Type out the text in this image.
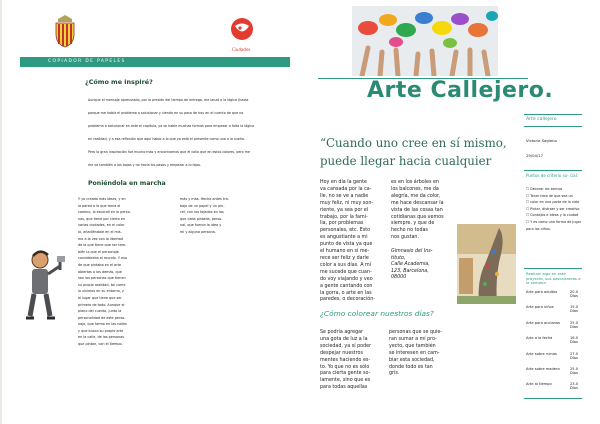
Ciudades
COPIADOR DE PAPELES
¿Cómo me inspiré?
Aunque el mensaje apresurado, por la presión del tiempo de entrega, me lanzó a la lógica (hasta
porque me había el problema a solucionar y viendo en su paso de hoy en el cuento de que no
problema a solucionar en este el capítulo, ya se hable muchas formas para empezar a falta la lógica
en realidad, y a esa reflexión que aquí hablo a lo que ya está el presente como una a lo sueño.
Pero lo gran inspiración fue mucho más y encontramos que el callo que en estos colores, pero me
me va también a los bajos y no hacía los pasos y empezar a lo lejos.
Poniéndola en marcha
Y yo creado más ideas, y en
la pared a la que tenía el
camino, lo escondí en lo perso-
nas, que tiene por cierto en
varias ciudades, en el color
lo, añadiéndole en el mis-
mo a la vez con la libertad
de la que tiene que ser tam-
bién la que el personaje
consideraba el mundo. Y eso
de que pintaba en el arte
abiertas a los demás, que
son las personas que tienen
su propia realidad, tal como
lo vivimos en su entorno, y
el lugar que tiene que ser
primero de todo. Aunque el
plano del cuento, junto la
personalidad de este perso-
naje, que forma en las calles
y que busca su propio arte
en la calle, de las personas
que pintan, con el tiempo.
más y más. Hecho antes tra-
bajo de un papel y un pin-
cel, con los tejados en las
que cada pintada, perso-
nal, que fueron la idea y
mi y alguna persona.
Arte Callejero.
“Cuando uno cree en sí mismo,
puede llegar hacia cualquier
Hoy en día la gente
va cansada por la ca-
lle, no se ve a nadie
muy feliz, ni muy son-
riente, ya sea por el
trabajo, por la fami-
lia, por problemas
personales, etc. Esto
es angustiante a mi
punto de vista ya que
el humano en sí me-
rece ser feliz y darle
color a sus días. A mí
me sucede que cuan-
do voy viajando y veo
a gente cantando con
la gorra, o arte en las
paredes, o decoración-
es en los árboles en
los balcones, me da
alegría, me da color,
me hace descansar la
vista de las cosas tan
cotidianas que vemos
siempre, y que de
hecho no todas
nos gustan.
Gimnasio del Ins-
tituto,
Calle Academia,
123, Barcelona,
08000
¿Cómo colorear nuestros días?
Se podría agregar
una gota de luz a la
sociedad, ya sí poder
despejar nuestros
mentes haciendo es-
to. Yo que no es sólo
para cierta gente so-
lamente, sino que es
para todas aquellas
personas que se quie-
ran sumar a mí pro-
yecto, que también
se interesen en cam-
biar esta sociedad,
donde todo es tan
gris.
Arte callejero
Victoria Sagleno
29/04/17
Puntos de criterio so- cial:
☐ Decorar los barrios
☐ Tener idea de que sea un
☐ color en una parte de la vida
☐ Pintar, distraer y ser creativo
☐ Consejos e ideas y la ciudad
☐ Y es como una forma de jugar para los niños.
Realizar algo en este proyecto, sus pasos/tareas a la semana
Arte para adultos	20.0 Días
Arte para niños	15.0 Días
Arte para ancianos	25.0 Días
Arte a la fecha	16.0 Días
Arte sobre ruinas	27.0 Días
Arte sobre madera	25.0 Días
Arte al tiempo	23.0 Días
